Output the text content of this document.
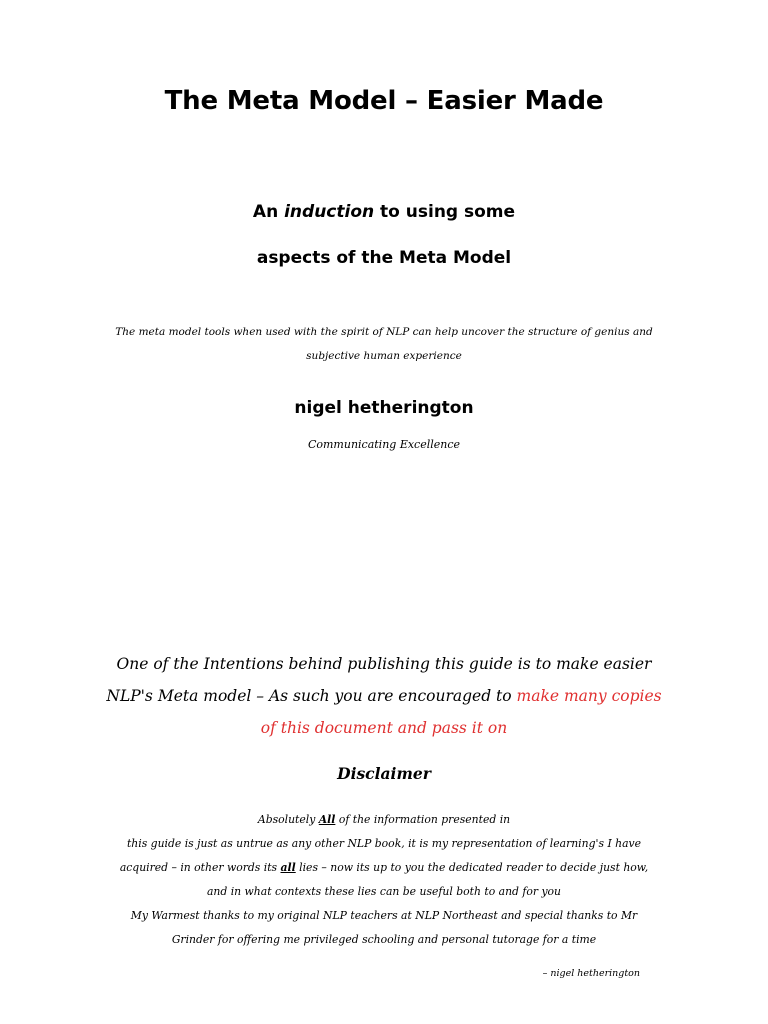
The Meta Model – Easier Made
An induction to using some
aspects of the Meta Model
The meta model tools when used with the spirit of NLP can help uncover the structure of genius and
subjective human experience
nigel hetherington
Communicating Excellence
One of the Intentions behind publishing this guide is to make easier
NLP's Meta model – As such you are encouraged to make many copies
of this document and pass it on
Disclaimer
Absolutely All of the information presented in
this guide is just as untrue as any other NLP book, it is my representation of learning's I have
acquired – in other words its all lies – now its up to you the dedicated reader to decide just how,
and in what contexts these lies can be useful both to and for you
My Warmest thanks to my original NLP teachers at NLP Northeast and special thanks to Mr
Grinder for offering me privileged schooling and personal tutorage for a time
– nigel hetherington
